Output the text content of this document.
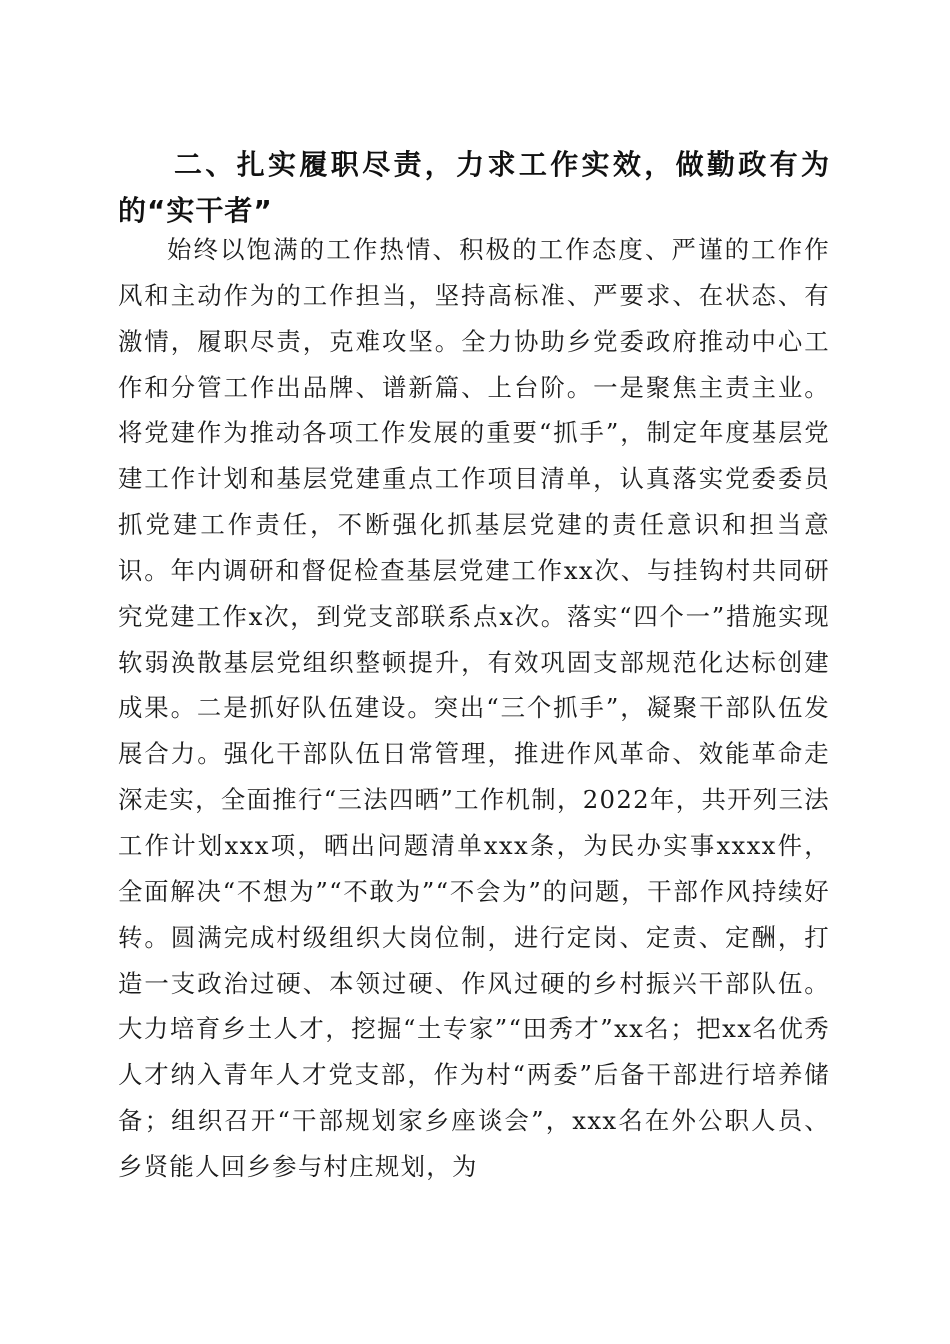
二、扎实履职尽责，力求工作实效，做勤政有为的“实干者”
始终以饱满的工作热情、积极的工作态度、严谨的工作作风和主动作为的工作担当，坚持高标准、严要求、在状态、有激情，履职尽责，克难攻坚。全力协助乡党委政府推动中心工作和分管工作出品牌、谱新篇、上台阶。一是聚焦主责主业。将党建作为推动各项工作发展的重要“抓手”，制定年度基层党建工作计划和基层党建重点工作项目清单，认真落实党委委员抓党建工作责任，不断强化抓基层党建的责任意识和担当意识。年内调研和督促检查基层党建工作xx次、与挂钩村共同研究党建工作x次，到党支部联系点x次。落实“四个一”措施实现软弱涣散基层党组织整顿提升，有效巩固支部规范化达标创建成果。二是抓好队伍建设。突出“三个抓手”，凝聚干部队伍发展合力。强化干部队伍日常管理，推进作风革命、效能革命走深走实，全面推行“三法四晒”工作机制，2022年，共开列三法工作计划xxx项，晒出问题清单xxx条，为民办实事xxxx件，全面解决“不想为”“不敢为”“不会为”的问题，干部作风持续好转。圆满完成村级组织大岗位制，进行定岗、定责、定酬，打造一支政治过硬、本领过硬、作风过硬的乡村振兴干部队伍。大力培育乡土人才，挖掘“土专家”“田秀才”xx名；把xx名优秀人才纳入青年人才党支部，作为村“两委”后备干部进行培养储备；组织召开“干部规划家乡座谈会”，xxx名在外公职人员、乡贤能人回乡参与村庄规划，为
